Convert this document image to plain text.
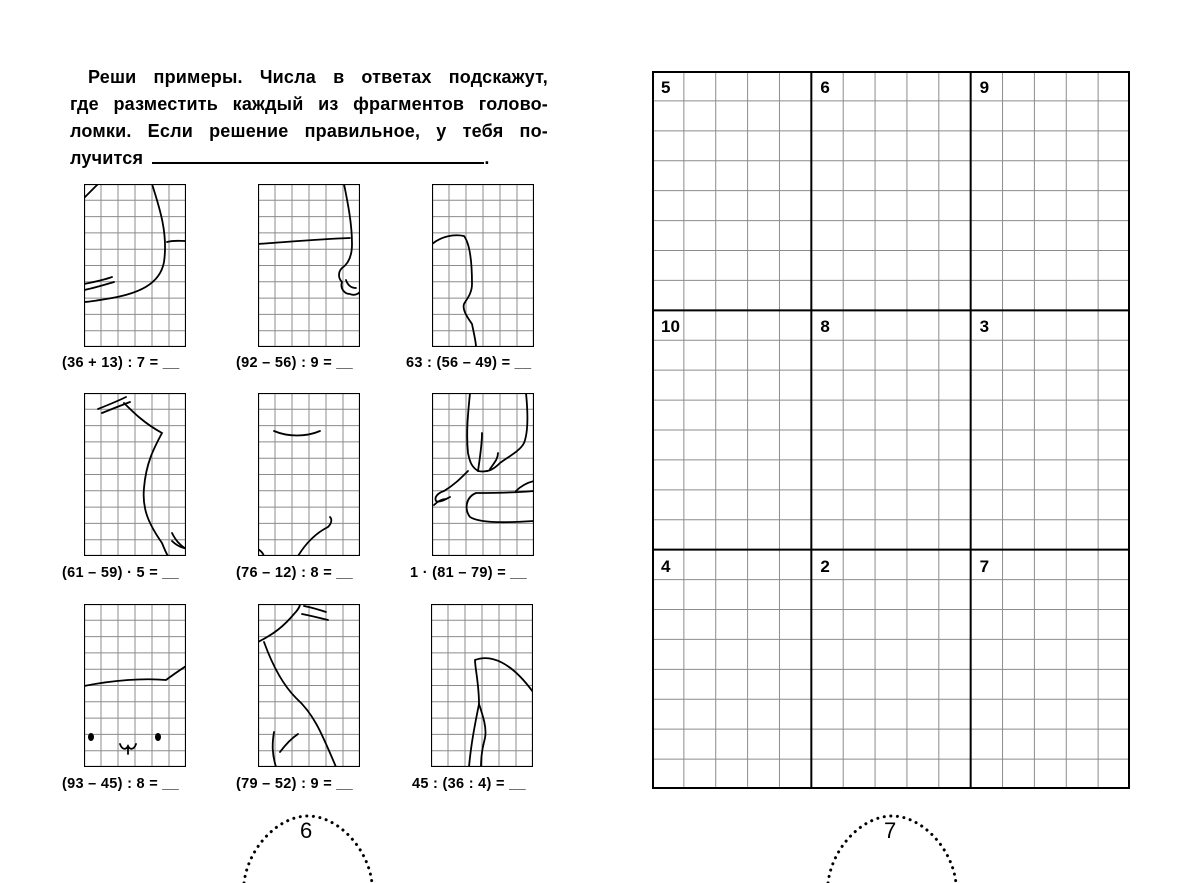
Реши примеры. Числа в ответах подскажут,
где разместить каждый из фрагментов голово-
ломки. Если решение правильное, у тебя по-
лучится	.
(36 + 13) : 7 = __	(92 – 56) : 9 = __	63 : (56 – 49) = __
(61 – 59) · 5 = __	(76 – 12) : 8 = __	1 · (81 – 79) = __
(93 – 45) : 8 = __	(79 – 52) : 9 = __	45 : (36 : 4) = __
6
5	6	9
10	8	3
4	2	7
7
